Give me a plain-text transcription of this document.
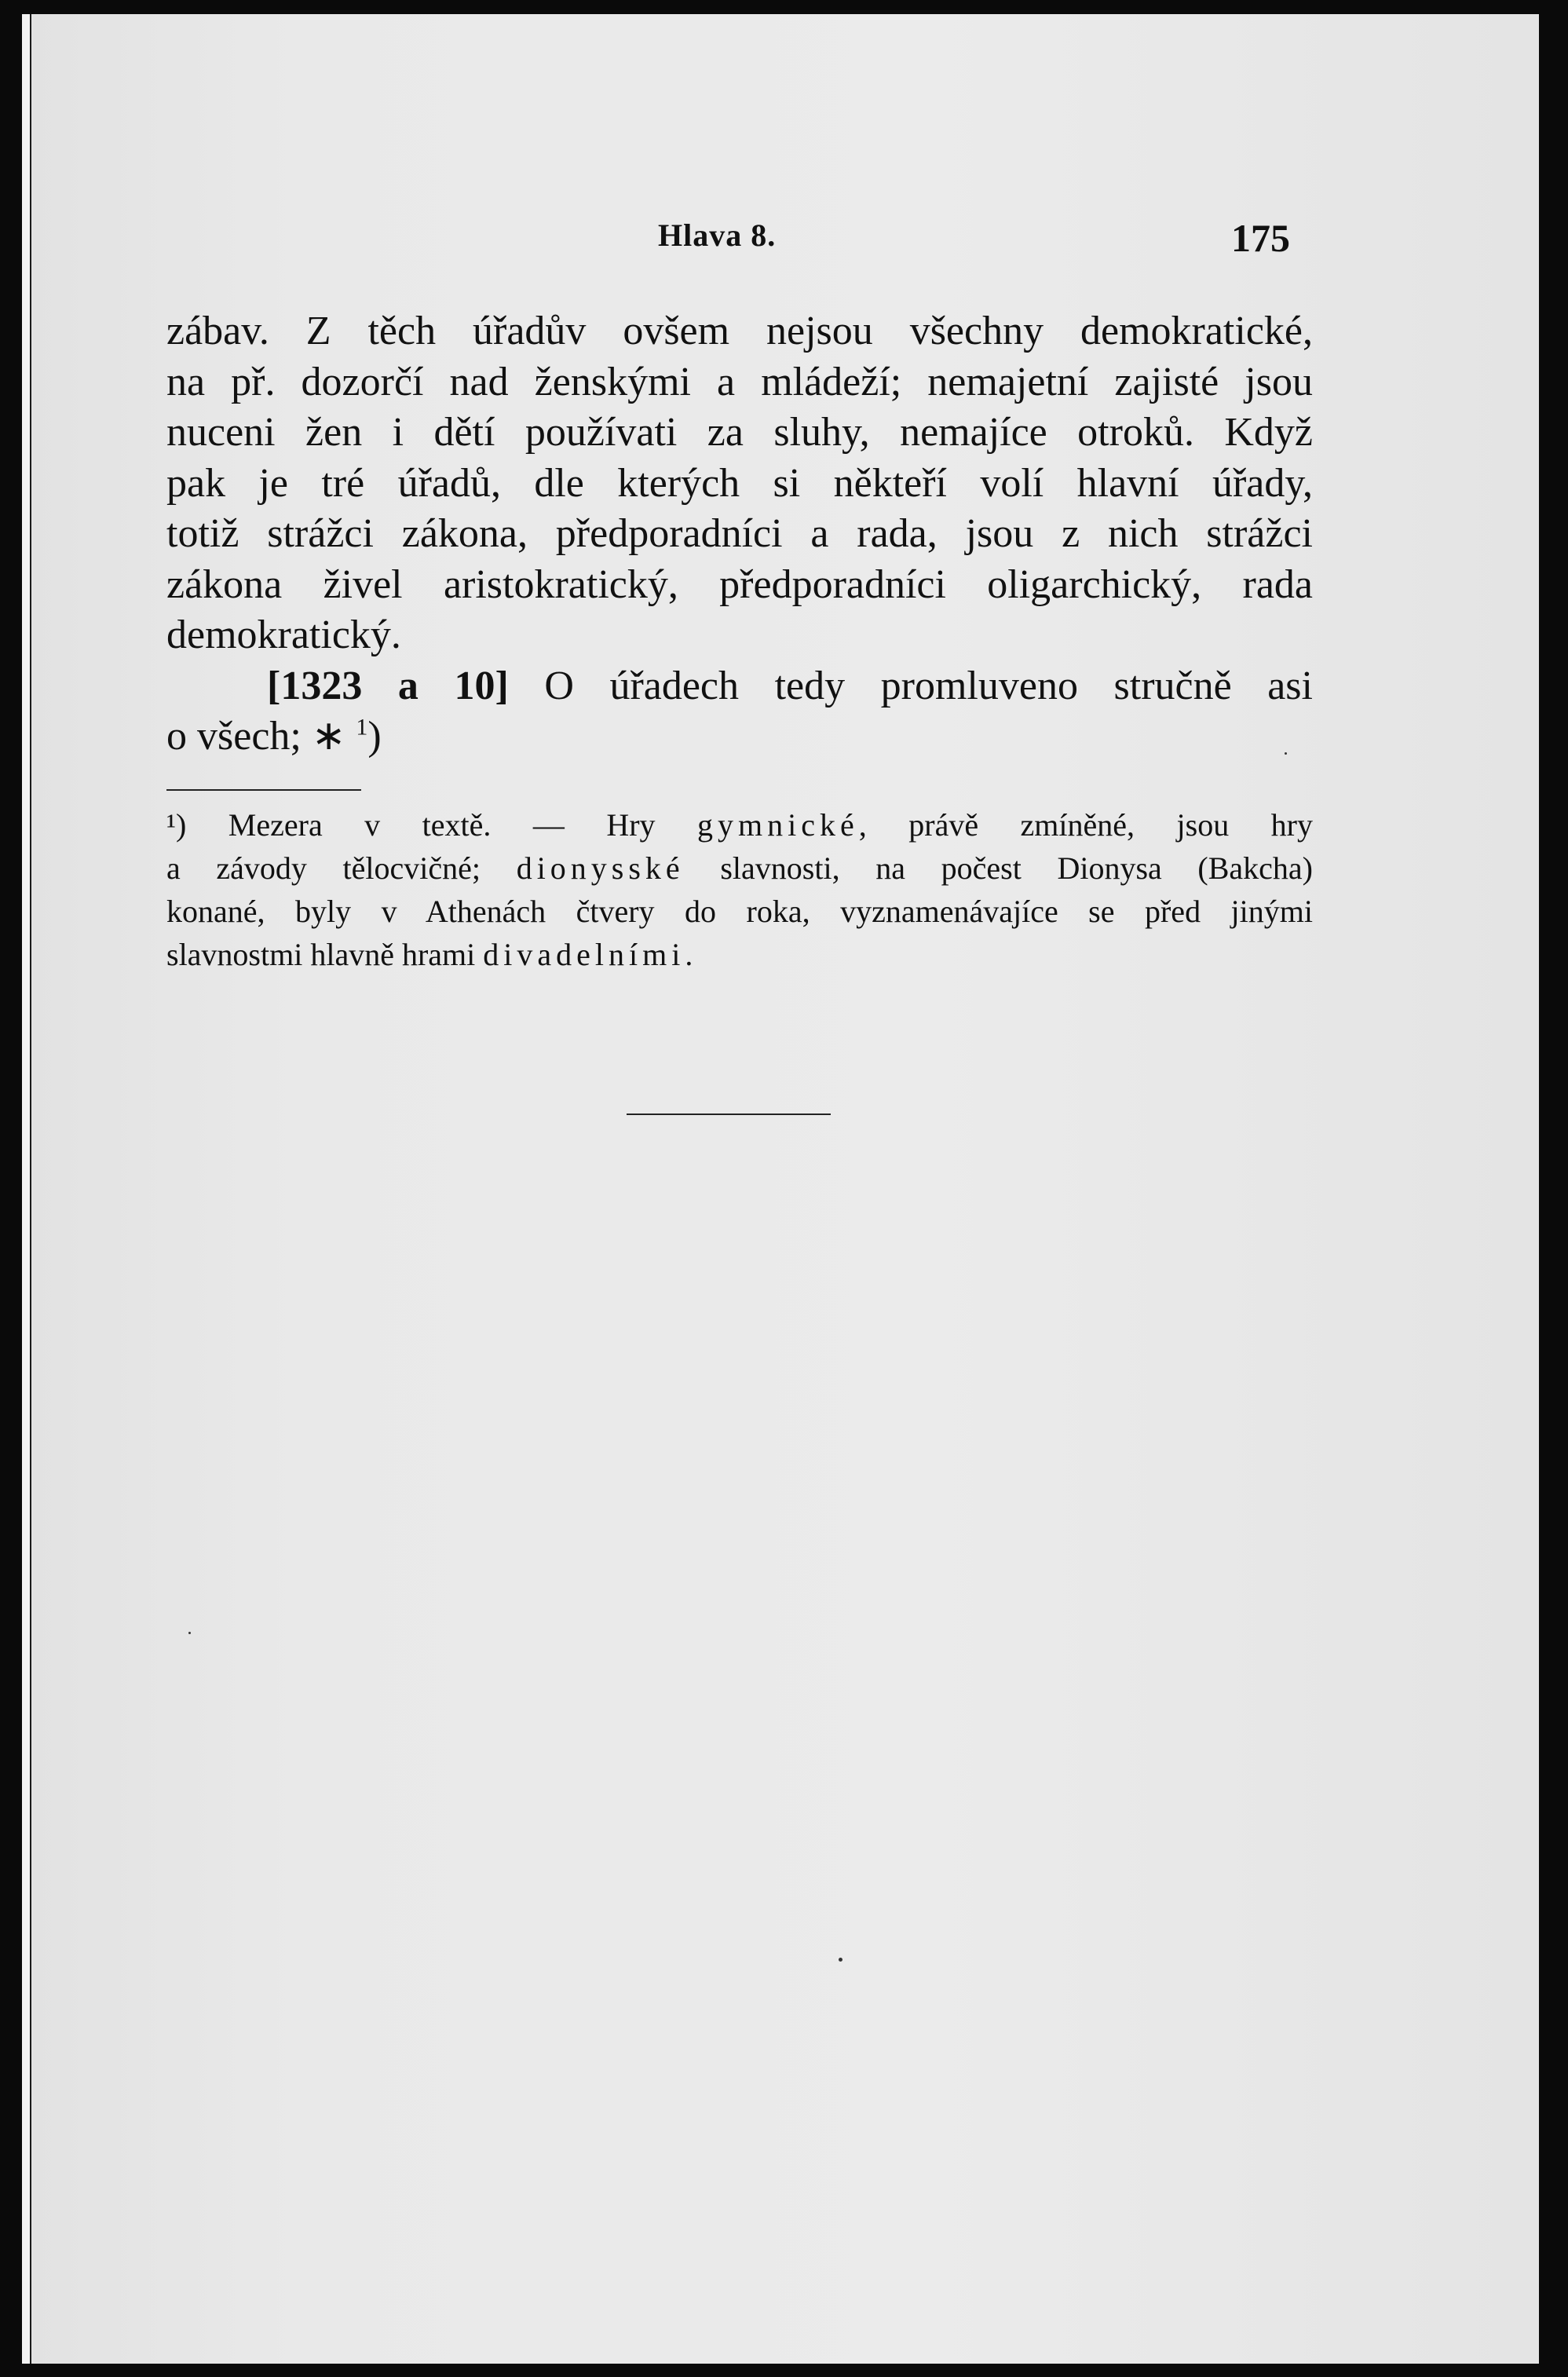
Hlava 8.	175
zábav. Z těch úřadův ovšem nejsou všechny demokratické,
na př. dozorčí nad ženskými a mládeží; nemajetní zajisté jsou
nuceni žen i dětí používati za sluhy, nemajíce otroků. Když
pak je tré úřadů, dle kterých si někteří volí hlavní úřady,
totiž strážci zákona, předporadníci a rada, jsou z nich strážci
zákona živel aristokratický, předporadníci oligarchický, rada
demokratický.
[1323 a 10] O úřadech tedy promluveno stručně asi
o všech; ∗ $^1$)
¹) Mezera v textě. — Hry gymnické, právě zmíněné, jsou hry
a závody tělocvičné; dionysské slavnosti, na počest Dionysa (Bakcha)
konané, byly v Athenách čtvery do roka, vyznamenávajíce se před jinými
slavnostmi hlavně hrami divadelními.
